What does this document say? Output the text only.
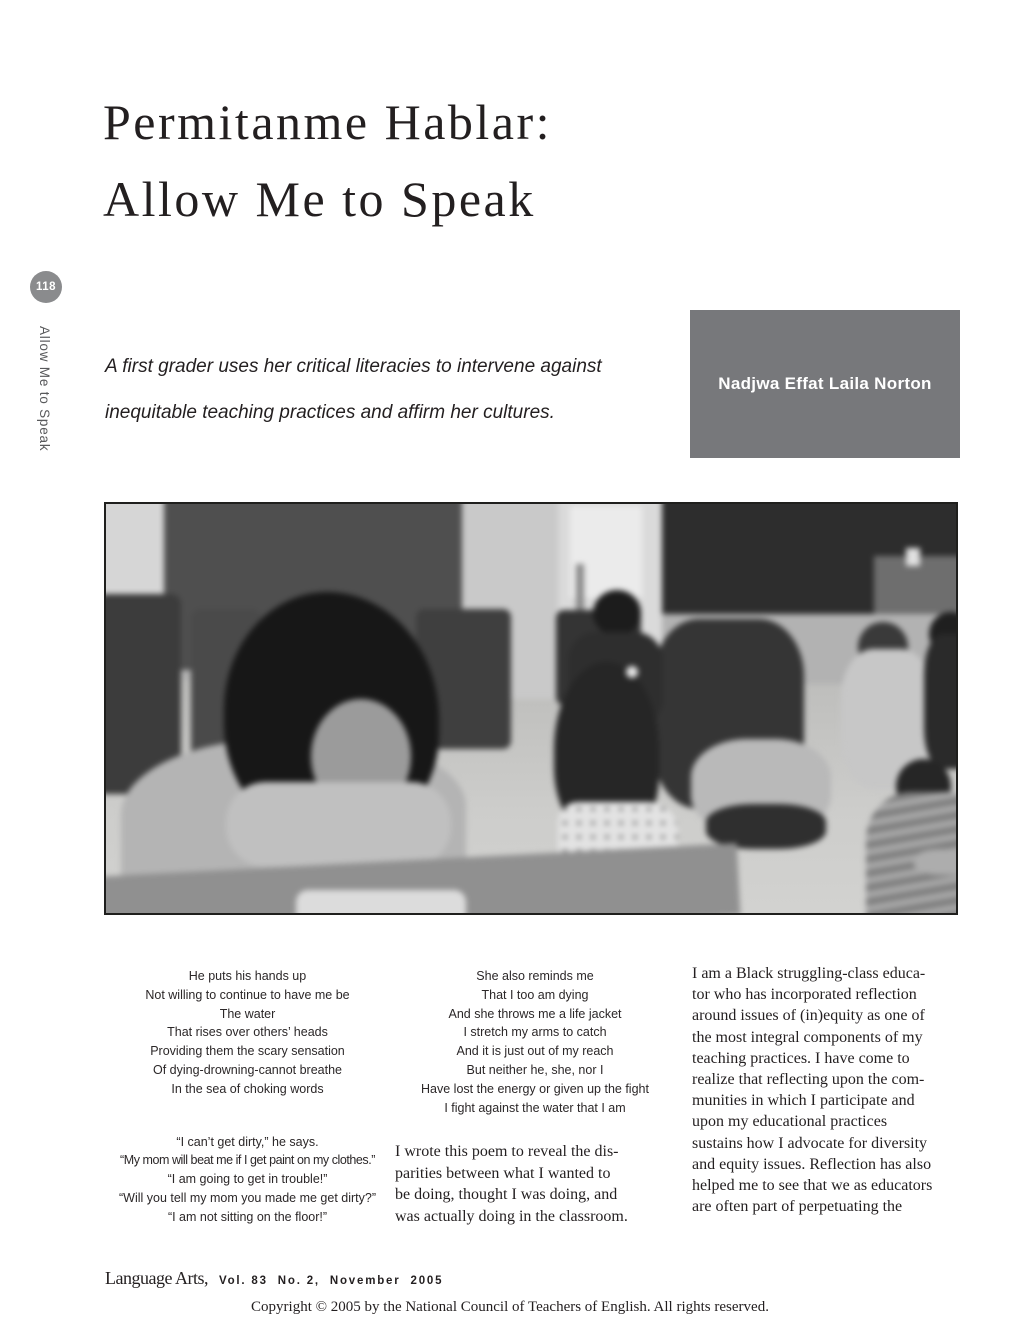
118
Allow Me to Speak
Permitanme Hablar:
Allow Me to Speak
A first grader uses her critical literacies to intervene against
inequitable teaching practices and affirm her cultures.
Nadjwa Effat Laila Norton
He puts his hands up
Not willing to continue to have me be
The water
That rises over others’ heads
Providing them the scary sensation
Of dying-drowning-cannot breathe
In the sea of choking words
“I can’t get dirty,” he says.
“My mom will beat me if I get paint on my clothes.”
“I am going to get in trouble!”
“Will you tell my mom you made me get dirty?”
“I am not sitting on the floor!”
She also reminds me
That I too am dying
And she throws me a life jacket
I stretch my arms to catch
And it is just out of my reach
But neither he, she, nor I
Have lost the energy or given up the fight
I fight against the water that I am
I wrote this poem to reveal the dis-
parities between what I wanted to
be doing, thought I was doing, and
was actually doing in the classroom.
I am a Black struggling-class educa-
tor who has incorporated reflection
around issues of (in)equity as one of
the most integral components of my
teaching practices. I have come to
realize that reflecting upon the com-
munities in which I participate and
upon my educational practices
sustains how I advocate for diversity
and equity issues. Reflection has also
helped me to see that we as educators
are often part of perpetuating the
Language Arts, Vol. 83  No. 2,  November  2005
Copyright © 2005 by the National Council of Teachers of English. All rights reserved.
